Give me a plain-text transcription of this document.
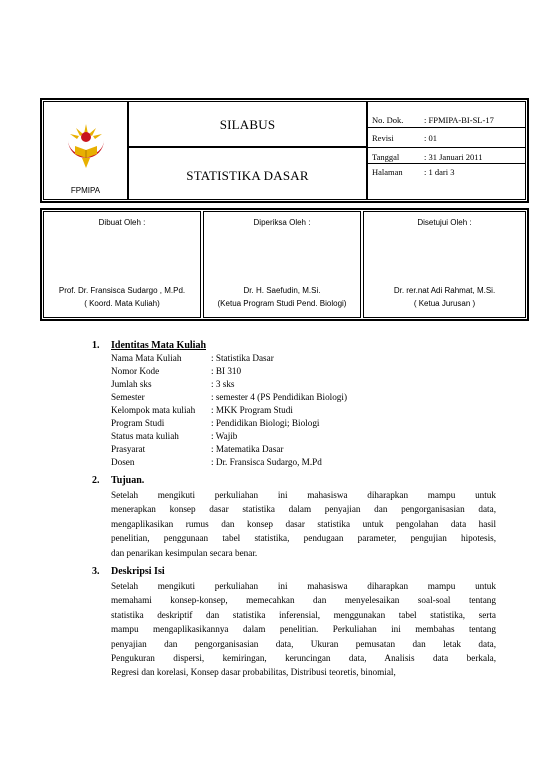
FPMIPA
SILABUS
STATISTIKA DASAR
No. Dok. : FPMIPA-BI-SL-17
Revisi	: 01
Tanggal	: 31 Januari 2011
Halaman	: 1 dari 3
Dibuat Oleh :
Prof. Dr. Fransisca Sudargo , M.Pd.
( Koord. Mata Kuliah)
Diperiksa Oleh :
Dr. H. Saefudin, M.Si.
(Ketua Program Studi Pend. Biologi)
Disetujui Oleh :
Dr. rer.nat Adi Rahmat, M.Si.
( Ketua Jurusan )
1. Identitas Mata Kuliah
Nama Mata Kuliah	: Statistika Dasar
Nomor Kode	: BI 310
Jumlah sks	: 3 sks
Semester	: semester 4 (PS Pendidikan Biologi)
Kelompok mata kuliah : MKK Program Studi
Program Studi	: Pendidikan Biologi; Biologi
Status mata kuliah	: Wajib
Prasyarat	: Matematika Dasar
Dosen	: Dr. Fransisca Sudargo, M.Pd
2. Tujuan.
Setelah mengikuti perkuliahan ini mahasiswa diharapkan mampu untuk
menerapkan konsep dasar statistika dalam penyajian dan pengorganisasian data,
mengaplikasikan rumus dan konsep dasar statistika untuk pengolahan data hasil
penelitian, penggunaan tabel statistika, pendugaan parameter, pengujian hipotesis,
dan penarikan kesimpulan secara benar.
3. Deskripsi Isi
Setelah mengikuti perkuliahan ini mahasiswa diharapkan mampu untuk
memahami konsep-konsep, memecahkan dan menyelesaikan soal-soal tentang
statistika deskriptif dan statistika inferensial, menggunakan tabel statistika, serta
mampu mengaplikasikannya dalam penelitian. Perkuliahan ini membahas tentang
penyajian dan pengorganisasian data, Ukuran pemusatan dan letak data,
Pengukuran dispersi, kemiringan, keruncingan data, Analisis data berkala,
Regresi dan korelasi, Konsep dasar probabilitas, Distribusi teoretis, binomial,
